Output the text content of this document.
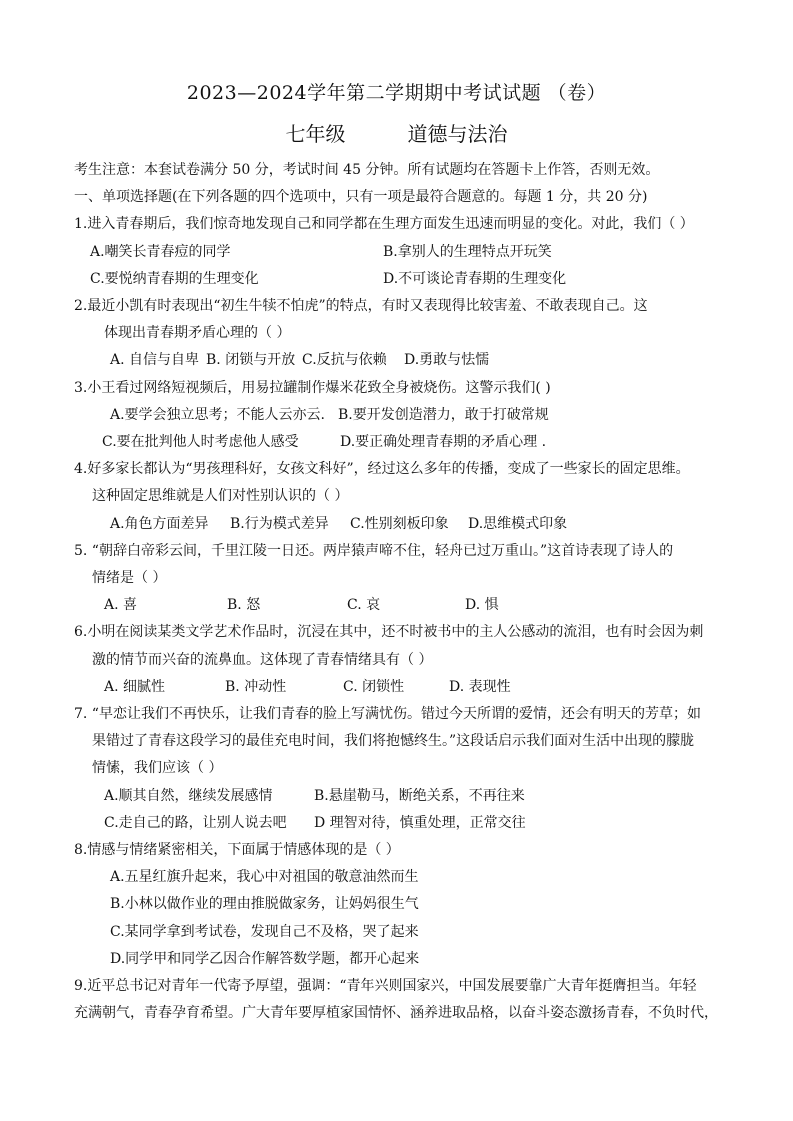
2023—2024学年第二学期期中考试试题 （卷）
七年级	道德与法治
考生注意：本套试卷满分 50 分，考试时间 45 分钟。所有试题均在答题卡上作答，否则无效。
一、单项选择题(在下列各题的四个选项中，只有一项是最符合题意的。每题 1 分，共 20 分)
1.进入青春期后，我们惊奇地发现自己和同学都在生理方面发生迅速而明显的变化。对此，我们（ ）
A.嘲笑长青春痘的同学	B.拿别人的生理特点开玩笑
C.要悦纳青春期的生理变化	D.不可谈论青春期的生理变化
2.最近小凯有时表现出“初生牛犊不怕虎”的特点，有时又表现得比较害羞、不敢表现自己。这
体现出青春期矛盾心理的（ ）
A. 自信与自卑 B. 闭锁与开放 C.反抗与依赖	D.勇敢与怯懦
3.小王看过网络短视频后，用易拉罐制作爆米花致全身被烧伤。这警示我们( )
A.要学会独立思考；不能人云亦云. B.要开发创造潜力，敢于打破常规
C.要在批判他人时考虑他人感受	D.要正确处理青春期的矛盾心理 .
4.好多家长都认为“男孩理科好，女孩文科好”，经过这么多年的传播，变成了一些家长的固定思维。
这种固定思维就是人们对性别认识的（ ）
A.角色方面差异	B.行为模式差异	C.性别刻板印象	D.思维模式印象
5. “朝辞白帝彩云间，千里江陵一日还。两岸猿声啼不住，轻舟已过万重山。”这首诗表现了诗人的
情绪是（ ）
A. 喜	B. 怒	C. 哀	D. 惧
6.小明在阅读某类文学艺术作品时，沉浸在其中，还不时被书中的主人公感动的流泪，也有时会因为刺
激的情节而兴奋的流鼻血。这体现了青春情绪具有（ ）
A. 细腻性	B. 冲动性	C. 闭锁性	D. 表现性
7. “早恋让我们不再快乐，让我们青春的脸上写满忧伤。错过今天所谓的爱情，还会有明天的芳草；如
果错过了青春这段学习的最佳充电时间，我们将抱憾终生。”这段话启示我们面对生活中出现的朦胧
情愫，我们应该（ ）
A.顺其自然，继续发展感情	B.悬崖勒马，断绝关系，不再往来
C.走自己的路，让别人说去吧	D 理智对待，慎重处理，正常交往
8.情感与情绪紧密相关，下面属于情感体现的是（ ）
A.五星红旗升起来，我心中对祖国的敬意油然而生
B.小林以做作业的理由推脱做家务，让妈妈很生气
C.某同学拿到考试卷，发现自己不及格，哭了起来
D.同学甲和同学乙因合作解答数学题，都开心起来
9.近平总书记对青年一代寄予厚望，强调：“青年兴则国家兴，中国发展要靠广大青年挺膺担当。年轻
充满朝气，青春孕育希望。广大青年要厚植家国情怀、涵养进取品格，以奋斗姿态激扬青春，不负时代，
